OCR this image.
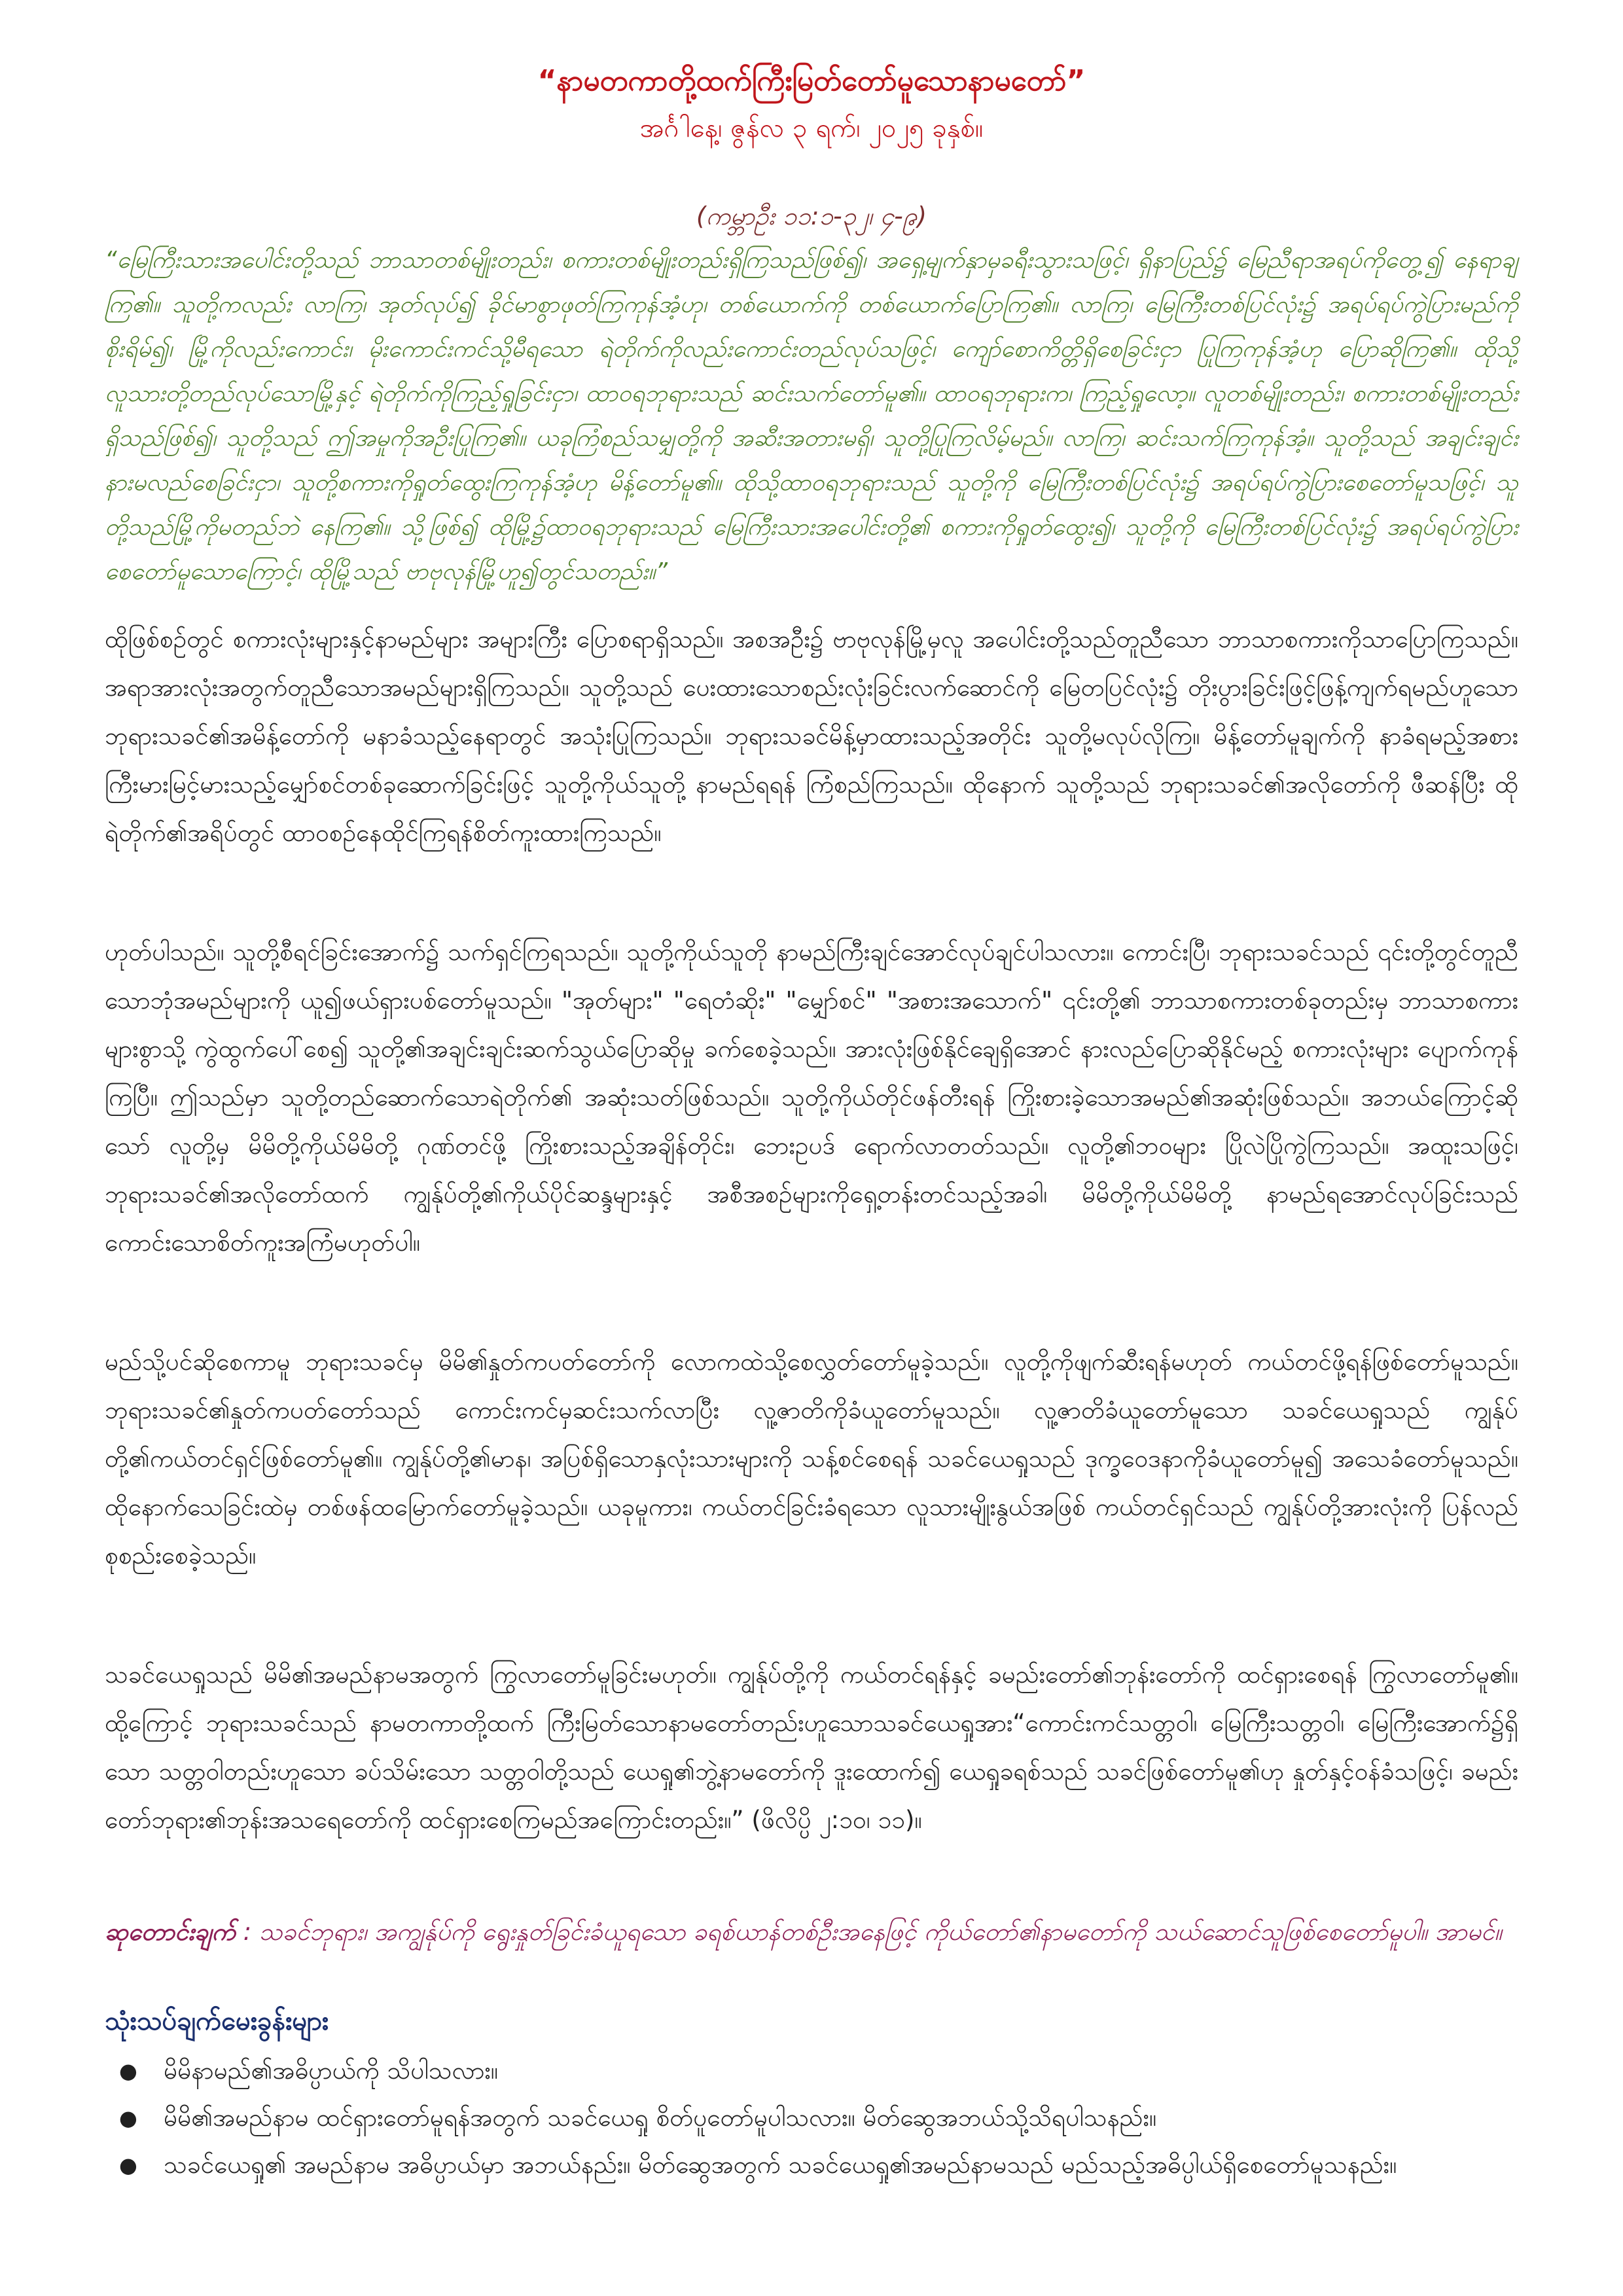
“နာမတကာတို့ထက်ကြီးမြတ်တော်မူသောနာမတော်”
အင်္ဂါနေ့၊ ဇွန်လ ၃ ရက်၊ ၂၀၂၅ ခုနှစ်။
(ကမ္ဘာဦး ၁၁:၁-၃၂၊ ၄-၉)
“မြေကြီးသားအပေါင်းတို့သည် ဘာသာတစ်မျိုးတည်း၊ စကားတစ်မျိုးတည်းရှိကြသည်ဖြစ်၍၊ အရှေ့မျက်နှာမှခရီးသွားသဖြင့်၊ ရှိနာပြည်၌ မြေညီရာအရပ်ကိုတွေ့၍ နေရာချကြ၏။ သူတို့ကလည်း လာကြ၊ အုတ်လုပ်၍ ခိုင်မာစွာဖုတ်ကြကုန်အံ့ဟု၊ တစ်ယောက်ကို တစ်ယောက်ပြောကြ၏။ လာကြ၊ မြေကြီးတစ်ပြင်လုံး၌ အရပ်ရပ်ကွဲပြားမည်ကိုစိုးရိမ်၍၊ မြို့ကိုလည်းကောင်း၊ မိုးကောင်းကင်သို့မီရသော ရဲတိုက်ကိုလည်းကောင်းတည်လုပ်သဖြင့်၊ ကျော်စောကိတ္တိရှိစေခြင်းငှာ ပြုကြကုန်အံ့ဟု ပြောဆိုကြ၏။ ထိုသို့ လူသားတို့တည်လုပ်သောမြို့နှင့် ရဲတိုက်ကိုကြည့်ရှုခြင်းငှာ၊ ထာဝရဘုရားသည် ဆင်းသက်တော်မူ၏။ ထာဝရဘုရားက၊ ကြည့်ရှုလော့။ လူတစ်မျိုးတည်း၊ စကားတစ်မျိုးတည်းရှိသည်ဖြစ်၍၊ သူတို့သည် ဤအမှုကိုအဦးပြုကြ၏။ ယခုကြံစည်သမျှတို့ကို အဆီးအတားမရှိ၊ သူတို့ပြုကြလိမ့်မည်။ လာကြ၊ ဆင်းသက်ကြကုန်အံ့။ သူတို့သည် အချင်းချင်းနားမလည်စေခြင်းငှာ၊ သူတို့စကားကိုရှုတ်ထွေးကြကုန်အံ့ဟု မိန့်တော်မူ၏။ ထိုသို့ထာဝရဘုရားသည် သူတို့ကို မြေကြီးတစ်ပြင်လုံး၌ အရပ်ရပ်ကွဲပြားစေတော်မူသဖြင့်၊ သူတို့သည်မြို့ကိုမတည်ဘဲ နေကြ၏။ သို့ဖြစ်၍ ထိုမြို့၌ထာဝရဘုရားသည် မြေကြီးသားအပေါင်းတို့၏ စကားကိုရှုတ်ထွေး၍၊ သူတို့ကို မြေကြီးတစ်ပြင်လုံး၌ အရပ်ရပ်ကွဲပြားစေတော်မူသောကြောင့်၊ ထိုမြို့သည် ဗာဗုလုန်မြို့ဟူ၍တွင်သတည်း။”
ထိုဖြစ်စဉ်တွင် စကားလုံးများနှင့်နာမည်များ အများကြီး ပြောစရာရှိသည်။ အစအဦး၌ ဗာဗုလုန်မြို့မှလူ အပေါင်းတို့သည်တူညီသော ဘာသာစကားကိုသာပြောကြသည်။ အရာအားလုံးအတွက်တူညီသောအမည်များရှိကြသည်။ သူတို့သည် ပေးထားသောစည်းလုံးခြင်းလက်ဆောင်ကို မြေတပြင်လုံး၌ တိုးပွားခြင်းဖြင့်ဖြန့်ကျက်ရမည်ဟူသော ဘုရားသခင်၏အမိန့်တော်ကို မနာခံသည့်နေရာတွင် အသုံးပြုကြသည်။ ဘုရားသခင်မိန့်မှာထားသည့်အတိုင်း သူတို့မလုပ်လိုကြ။ မိန့်တော်မူချက်ကို နာခံရမည့်အစား ကြီးမားမြင့်မားသည့်မျှော်စင်တစ်ခုဆောက်ခြင်းဖြင့် သူတို့ကိုယ်သူတို့ နာမည်ရရန် ကြံစည်ကြသည်။ ထိုနောက် သူတို့သည် ဘုရားသခင်၏အလိုတော်ကို ဖီဆန်ပြီး ထိုရဲတိုက်၏အရိပ်တွင် ထာဝစဉ်နေထိုင်ကြရန်စိတ်ကူးထားကြသည်။
ဟုတ်ပါသည်။ သူတို့စီရင်ခြင်းအောက်၌ သက်ရှင်ကြရသည်။ သူတို့ကိုယ်သူတို နာမည်ကြီးချင်အောင်လုပ်ချင်ပါသလား။ ကောင်းပြီ၊ ဘုရားသခင်သည် ၎င်းတို့တွင်တူညီသောဘုံအမည်များကို ယူ၍ဖယ်ရှားပစ်တော်မူသည်။ "အုတ်များ" "ရေတံဆိုး" "မျှော်စင်" "အစားအသောက်" ၎င်းတို့၏ ဘာသာစကားတစ်ခုတည်းမှ ဘာသာစကားများစွာသို့ ကွဲထွက်ပေါ်စေ၍ သူတို့၏အချင်းချင်းဆက်သွယ်ပြောဆိုမှု ခက်စေခဲ့သည်။ အားလုံးဖြစ်နိုင်ချေရှိအောင် နားလည်ပြောဆိုနိုင်မည့် စကားလုံးများ ပျောက်ကုန်ကြပြီ။ ဤသည်မှာ သူတို့တည်ဆောက်သောရဲတိုက်၏ အဆုံးသတ်ဖြစ်သည်။ သူတို့ကိုယ်တိုင်ဖန်တီးရန် ကြိုးစားခဲ့သောအမည်၏အဆုံးဖြစ်သည်။ အဘယ်ကြောင့်ဆိုသော် လူတို့မှ မိမိတို့ကိုယ်မိမိတို့ ဂုဏ်တင်ဖို့ ကြိုးစားသည့်အချိန်တိုင်း၊ ဘေးဥပဒ် ရောက်လာတတ်သည်။ လူတို့၏ဘဝများ ပြိုလဲပြိုကွဲကြသည်။ အထူးသဖြင့်၊ ဘုရားသခင်၏အလိုတော်ထက် ကျွန်ုပ်တို့၏ကိုယ်ပိုင်ဆန္ဒများနှင့် အစီအစဉ်များကိုရှေ့တန်းတင်သည့်အခါ၊ မိမိတို့ကိုယ်မိမိတို့ နာမည်ရအောင်လုပ်ခြင်းသည် ကောင်းသောစိတ်ကူးအကြံမဟုတ်ပါ။
မည်သို့ပင်ဆိုစေကာမူ ဘုရားသခင်မှ မိမိ၏နှုတ်ကပတ်တော်ကို လောကထဲသို့စေလွှတ်တော်မူခဲ့သည်။ လူတို့ကိုဖျက်ဆီးရန်မဟုတ် ကယ်တင်ဖို့ရန်ဖြစ်တော်မူသည်။ ဘုရားသခင်၏နှုတ်ကပတ်တော်သည် ကောင်းကင်မှဆင်းသက်လာပြီး လူ့ဇာတိကိုခံယူတော်မူသည်။ လူ့ဇာတိခံယူတော်မူသော သခင်ယေရှုသည် ကျွန်ုပ်တို့၏ကယ်တင်ရှင်ဖြစ်တော်မူ၏။ ကျွန်ုပ်တို့၏မာန၊ အပြစ်ရှိသောနှလုံးသားများကို သန့်စင်စေရန် သခင်ယေရှုသည် ဒုက္ခဝေဒနာကိုခံယူတော်မူ၍ အသေခံတော်မူသည်။ ထိုနောက်သေခြင်းထဲမှ တစ်ဖန်ထမြောက်တော်မူခဲ့သည်။ ယခုမူကား၊ ကယ်တင်ခြင်းခံရသော လူသားမျိုးနွယ်အဖြစ် ကယ်တင်ရှင်သည် ကျွန်ုပ်တို့အားလုံးကို ပြန်လည်စုစည်းစေခဲ့သည်။
သခင်ယေရှုသည် မိမိ၏အမည်နာမအတွက် ကြွလာတော်မူခြင်းမဟုတ်။ ကျွန်ုပ်တို့ကို ကယ်တင်ရန်နှင့် ခမည်းတော်၏ဘုန်းတော်ကို ထင်ရှားစေရန် ကြွလာတော်မူ၏။ ထို့ကြောင့် ဘုရားသခင်သည် နာမတကာတို့ထက် ကြီးမြတ်သောနာမတော်တည်းဟူသောသခင်ယေရှုအား“ကောင်းကင်သတ္တဝါ၊ မြေကြီးသတ္တဝါ၊ မြေကြီးအောက်၌ရှိသော သတ္တဝါတည်းဟူသော ခပ်သိမ်းသော သတ္တဝါတို့သည် ယေရှု၏ဘွဲ့နာမတော်ကို ဒူးထောက်၍ ယေရှုခရစ်သည် သခင်ဖြစ်တော်မူ၏ဟု နှုတ်နှင့်ဝန်ခံသဖြင့်၊ ခမည်းတော်ဘုရား၏ဘုန်းအသရေတော်ကို ထင်ရှားစေကြမည်အကြောင်းတည်း။” (ဖိလိပ္ပိ ၂:၁၀၊ ၁၁)။
ဆုတောင်းချက် : သခင်ဘုရား၊ အကျွန်ုပ်ကို ရွေးနှုတ်ခြင်းခံယူရသော ခရစ်ယာန်တစ်ဦးအနေဖြင့် ကိုယ်တော်၏နာမတော်ကို သယ်ဆောင်သူဖြစ်စေတော်မူပါ။ အာမင်။
သုံးသပ်ချက်မေးခွန်းများ
● မိမိနာမည်၏အဓိပ္ပာယ်ကို သိပါသလား။
● မိမိ၏အမည်နာမ ထင်ရှားတော်မူရန်အတွက် သခင်ယေရှု စိတ်ပူတော်မူပါသလား။ မိတ်ဆွေအဘယ်သို့သိရပါသနည်း။
● သခင်ယေရှု၏ အမည်နာမ အဓိပ္ပာယ်မှာ အဘယ်နည်း။ မိတ်ဆွေအတွက် သခင်ယေရှု၏အမည်နာမသည် မည်သည့်အဓိပ္ပါယ်ရှိစေတော်မူသနည်း။
